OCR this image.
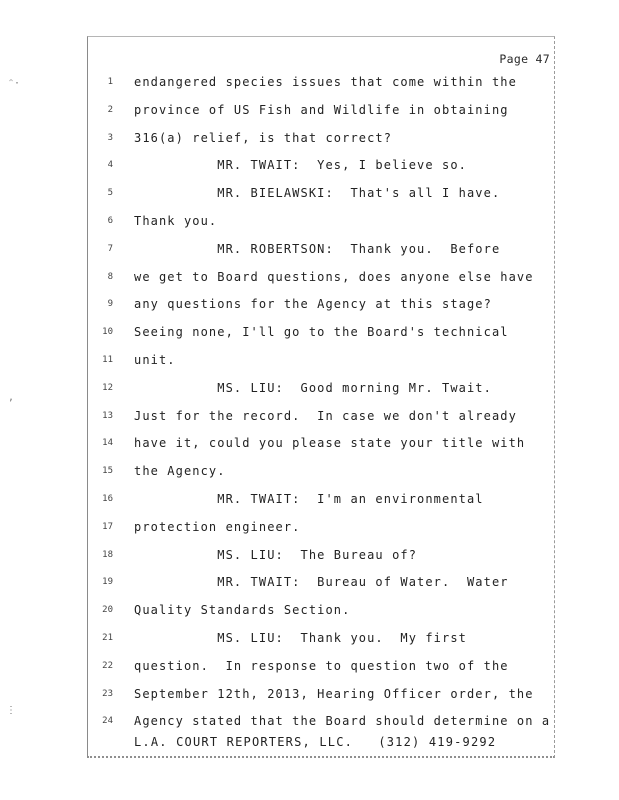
Page 47
1 endangered species issues that come within the
2 province of US Fish and Wildlife in obtaining
3 316(a) relief, is that correct?
4 MR. TWAIT:  Yes, I believe so.
5 MR. BIELAWSKI:  That's all I have.
6 Thank you.
7 MR. ROBERTSON:  Thank you.  Before
8 we get to Board questions, does anyone else have
9 any questions for the Agency at this stage?
10 Seeing none, I'll go to the Board's technical
11 unit.
12 MS. LIU:  Good morning Mr. Twait.
13 Just for the record.  In case we don't already
14 have it, could you please state your title with
15 the Agency.
16 MR. TWAIT:  I'm an environmental
17 protection engineer.
18 MS. LIU:  The Bureau of?
19 MR. TWAIT:  Bureau of Water.  Water
20 Quality Standards Section.
21 MS. LIU:  Thank you.  My first
22 question.  In response to question two of the
23 September 12th, 2013, Hearing Officer order, the
24 Agency stated that the Board should determine on a
L.A. COURT REPORTERS, LLC.   (312) 419-9292
ᵔ·
,
⋮
